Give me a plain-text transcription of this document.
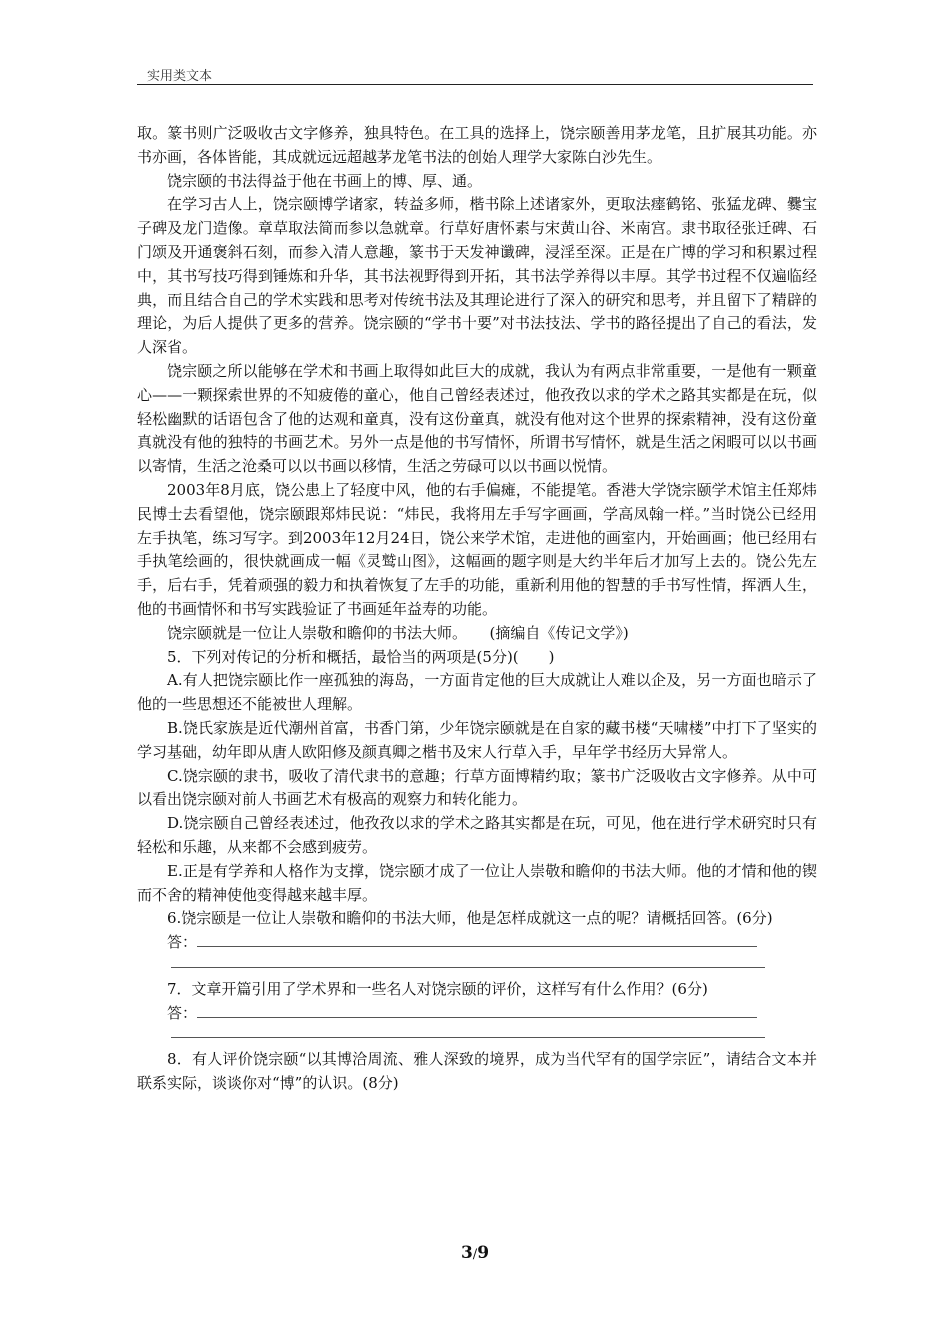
实用类文本

取。篆书则广泛吸收古文字修养，独具特色。在工具的选择上，饶宗颐善用茅龙笔，且扩展其功能。亦书亦画，各体皆能，其成就远远超越茅龙笔书法的创始人理学大家陈白沙先生。

饶宗颐的书法得益于他在书画上的博、厚、通。

在学习古人上，饶宗颐博学诸家，转益多师，楷书除上述诸家外，更取法瘗鹤铭、张猛龙碑、爨宝子碑及龙门造像。章草取法简而参以急就章。行草好唐怀素与宋黄山谷、米南宫。隶书取径张迁碑、石门颂及开通褒斜石刻，而参入清人意趣，篆书于天发神谶碑，浸淫至深。正是在广博的学习和积累过程中，其书写技巧得到锤炼和升华，其书法视野得到开拓，其书法学养得以丰厚。其学书过程不仅遍临经典，而且结合自己的学术实践和思考对传统书法及其理论进行了深入的研究和思考，并且留下了精辟的理论，为后人提供了更多的营养。饶宗颐的“学书十要”对书法技法、学书的路径提出了自己的看法，发人深省。

饶宗颐之所以能够在学术和书画上取得如此巨大的成就，我认为有两点非常重要，一是他有一颗童心——一颗探索世界的不知疲倦的童心，他自己曾经表述过，他孜孜以求的学术之路其实都是在玩，似轻松幽默的话语包含了他的达观和童真，没有这份童真，就没有他对这个世界的探索精神，没有这份童真就没有他的独特的书画艺术。另外一点是他的书写情怀，所谓书写情怀，就是生活之闲暇可以以书画以寄情，生活之沧桑可以以书画以移情，生活之劳碌可以以书画以悦情。

2003年8月底，饶公患上了轻度中风，他的右手偏瘫，不能提笔。香港大学饶宗颐学术馆主任郑炜民博士去看望他，饶宗颐跟郑炜民说：“炜民，我将用左手写字画画，学高凤翰一样。”当时饶公已经用左手执笔，练习写字。到2003年12月24日，饶公来学术馆，走进他的画室内，开始画画；他已经用右手执笔绘画的，很快就画成一幅《灵鹫山图》，这幅画的题字则是大约半年后才加写上去的。饶公先左手，后右手，凭着顽强的毅力和执着恢复了左手的功能，重新利用他的智慧的手书写性情，挥洒人生，他的书画情怀和书写实践验证了书画延年益寿的功能。

饶宗颐就是一位让人崇敬和瞻仰的书法大师。　　(摘编自《传记文学》)

5．下列对传记的分析和概括，最恰当的两项是(5分)(　　)

A.有人把饶宗颐比作一座孤独的海岛，一方面肯定他的巨大成就让人难以企及，另一方面也暗示了他的一些思想还不能被世人理解。

B.饶氏家族是近代潮州首富，书香门第，少年饶宗颐就是在自家的藏书楼“天啸楼”中打下了坚实的学习基础，幼年即从唐人欧阳修及颜真卿之楷书及宋人行草入手，早年学书经历大异常人。

C.饶宗颐的隶书，吸收了清代隶书的意趣；行草方面博精约取；篆书广泛吸收古文字修养。从中可以看出饶宗颐对前人书画艺术有极高的观察力和转化能力。

D.饶宗颐自己曾经表述过，他孜孜以求的学术之路其实都是在玩，可见，他在进行学术研究时只有轻松和乐趣，从来都不会感到疲劳。

E.正是有学养和人格作为支撑，饶宗颐才成了一位让人崇敬和瞻仰的书法大师。他的才情和他的锲而不舍的精神使他变得越来越丰厚。

6.饶宗颐是一位让人崇敬和瞻仰的书法大师，他是怎样成就这一点的呢？请概括回答。(6分)

答：

7．文章开篇引用了学术界和一些名人对饶宗颐的评价，这样写有什么作用？(6分)

答：

8．有人评价饶宗颐“以其博洽周流、雅人深致的境界，成为当代罕有的国学宗匠”，请结合文本并联系实际，谈谈你对“博”的认识。(8分)

3/9
